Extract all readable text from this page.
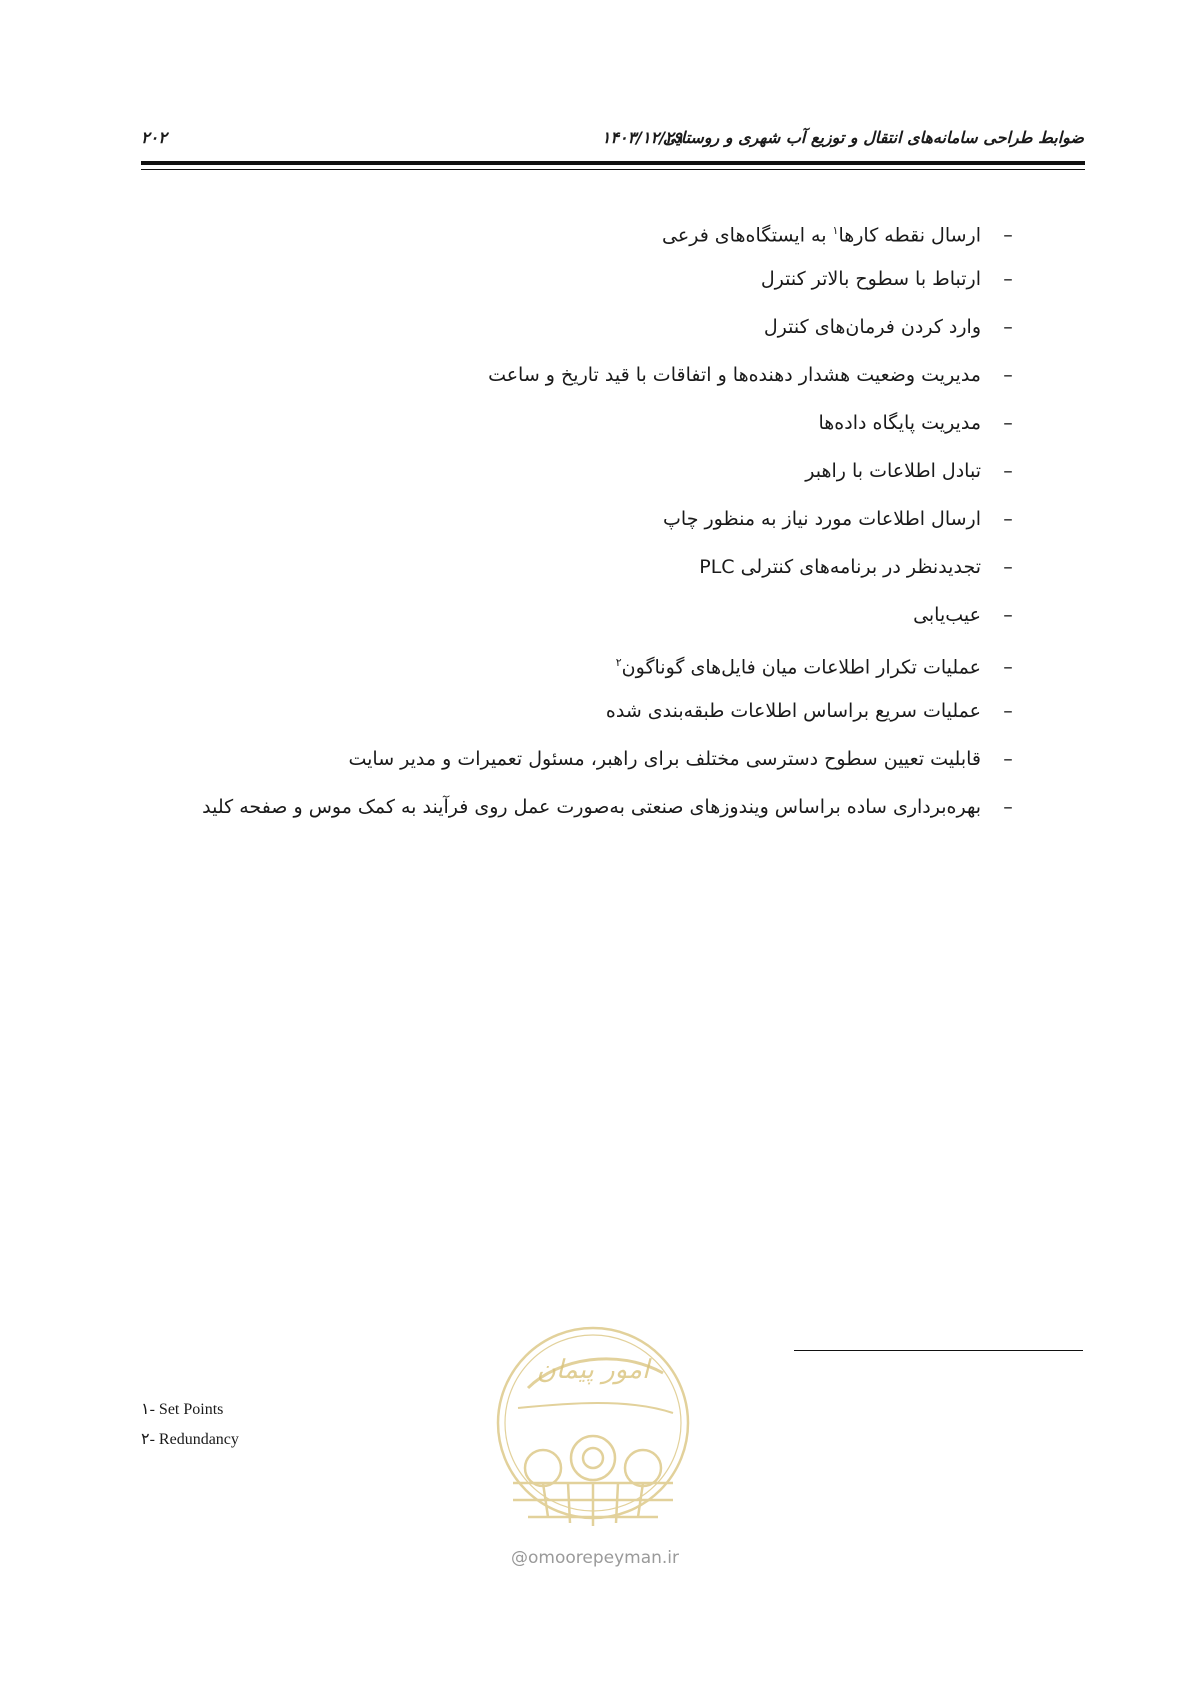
ضوابط طراحی سامانه‌های انتقال و توزیع آب شهری و روستایی
۱۴۰۳/۱۲/۲۹
۲۰۲
–ارسال نقطه کارها$^۱$ به ایستگاه‌های فرعی
–ارتباط با سطوح بالاتر کنترل
–وارد کردن فرمان‌های کنترل
–مدیریت وضعیت هشدار دهنده‌ها و اتفاقات با قید تاریخ و ساعت
–مدیریت پایگاه داده‌ها
–تبادل اطلاعات با راهبر
–ارسال اطلاعات مورد نیاز به منظور چاپ
–تجدیدنظر در برنامه‌های کنترلی PLC
–عیب‌یابی
–عملیات تکرار اطلاعات میان فایل‌های گوناگون$^۲$
–عملیات سریع براساس اطلاعات طبقه‌بندی شده
–قابلیت تعیین سطوح دسترسی مختلف برای راهبر، مسئول تعمیرات و مدیر سایت
–بهره‌برداری ساده براساس ویندوزهای صنعتی به‌صورت عمل روی فرآیند به کمک موس و صفحه کلید
۱- Set Points
۲- Redundancy
امور پیمان
@omoorepeyman.ir
